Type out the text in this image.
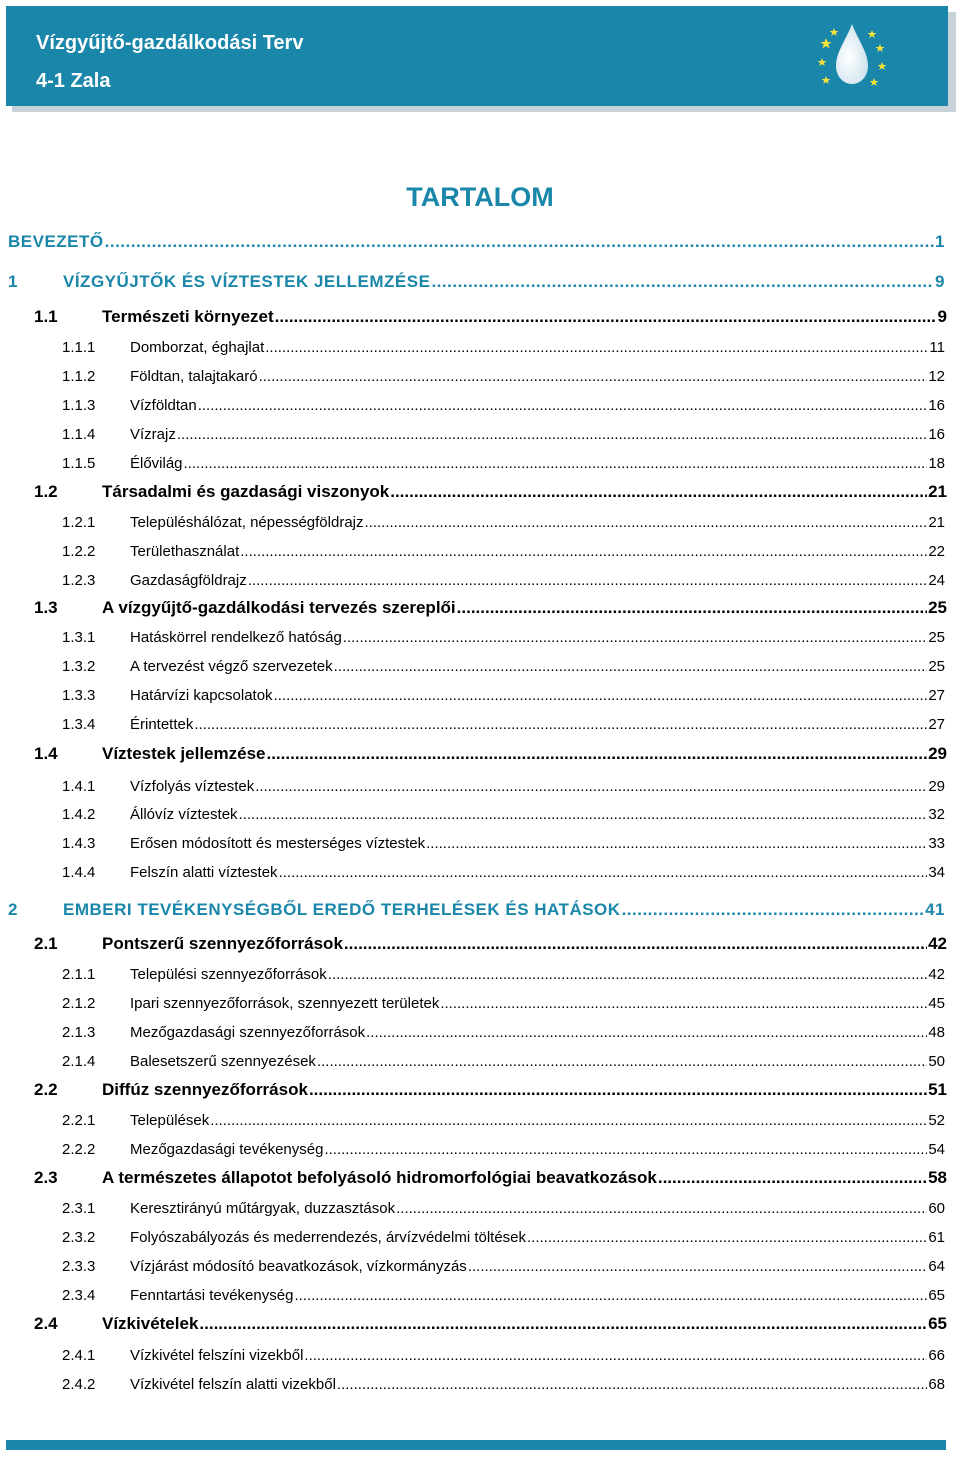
Vízgyűjtő-gazdálkodási Terv
4-1 Zala
TARTALOM
BEVEZETŐ .....	1
1	VÍZGYŰJTŐK ÉS VÍZTESTEK JELLEMZÉSE .....	9
1.1	Természeti környezet .....	9
1.1.1	Domborzat, éghajlat .....	11
1.1.2	Földtan, talajtakaró .....	12
1.1.3	Vízföldtan .....	16
1.1.4	Vízrajz .....	16
1.1.5	Élővilág .....	18
1.2	Társadalmi és gazdasági viszonyok .....	21
1.2.1	Településhálózat, népességföldrajz .....	21
1.2.2	Területhasználat .....	22
1.2.3	Gazdaságföldrajz .....	24
1.3	A vízgyűjtő-gazdálkodási tervezés szereplői .....	25
1.3.1	Hatáskörrel rendelkező hatóság .....	25
1.3.2	A tervezést végző szervezetek .....	25
1.3.3	Határvízi kapcsolatok .....	27
1.3.4	Érintettek .....	27
1.4	Víztestek jellemzése .....	29
1.4.1	Vízfolyás víztestek .....	29
1.4.2	Állóvíz víztestek .....	32
1.4.3	Erősen módosított és mesterséges víztestek .....	33
1.4.4	Felszín alatti víztestek .....	34
2	EMBERI TEVÉKENYSÉGBŐL EREDŐ TERHELÉSEK ÉS HATÁSOK .....	41
2.1	Pontszerű szennyezőforrások .....	42
2.1.1	Települési szennyezőforrások .....	42
2.1.2	Ipari szennyezőforrások, szennyezett területek .....	45
2.1.3	Mezőgazdasági szennyezőforrások .....	48
2.1.4	Balesetszerű szennyezések .....	50
2.2	Diffúz szennyezőforrások .....	51
2.2.1	Települések .....	52
2.2.2	Mezőgazdasági tevékenység .....	54
2.3	A természetes állapotot befolyásoló hidromorfológiai beavatkozások .....	58
2.3.1	Keresztirányú műtárgyak, duzzasztások .....	60
2.3.2	Folyószabályozás és mederrendezés, árvízvédelmi töltések .....	61
2.3.3	Vízjárást módosító beavatkozások, vízkormányzás .....	64
2.3.4	Fenntartási tevékenység .....	65
2.4	Vízkivételek .....	65
2.4.1	Vízkivétel felszíni vizekből .....	66
2.4.2	Vízkivétel felszín alatti vizekből .....	68
